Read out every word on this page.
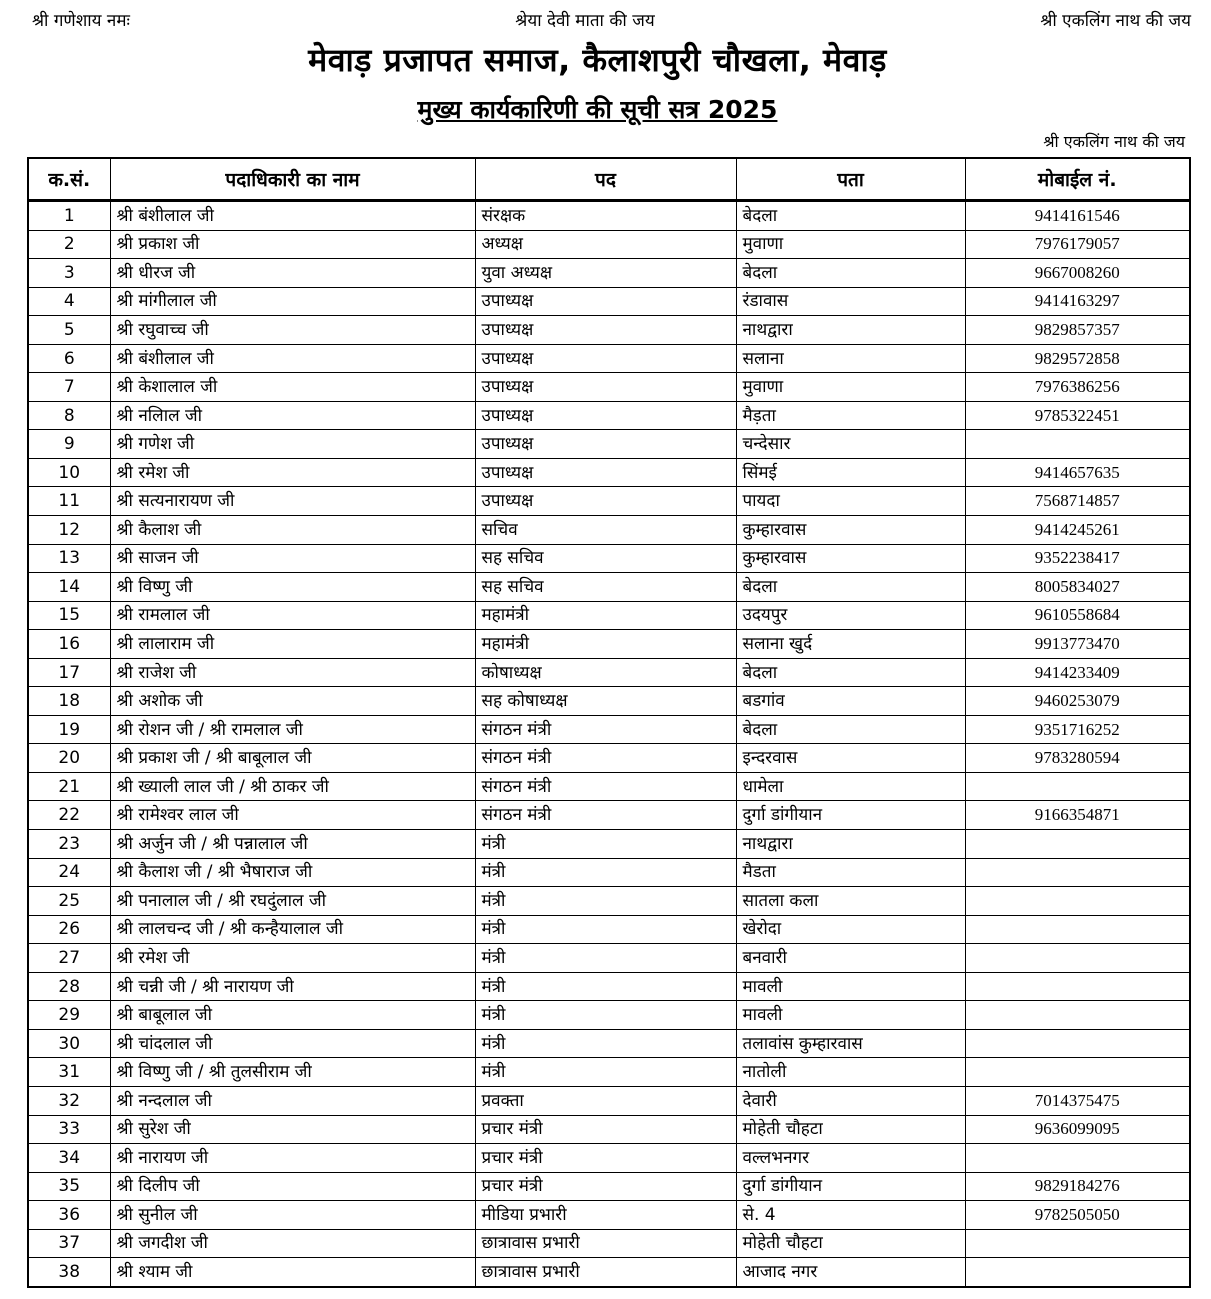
श्री गणेशाय नमः	श्रेया देवी माता की जय	श्री एकलिंग नाथ की जय
मेवाड़ प्रजापत समाज, कैलाशपुरी चौखला, मेवाड़
मुख्य कार्यकारिणी की सूची सत्र 2025
श्री एकलिंग नाथ की जय
क.सं.	पदाधिकारी का नाम	पद	पता	मोबाईल नं.
1	श्री बंशीलाल जी	संरक्षक	बेदला	9414161546
2	श्री प्रकाश जी	अध्यक्ष	मुवाणा	7976179057
3	श्री धीरज जी	युवा अध्यक्ष	बेदला	9667008260
4	श्री मांगीलाल जी	उपाध्यक्ष	रंडावास	9414163297
5	श्री रघुवाच्च जी	उपाध्यक्ष	नाथद्वारा	9829857357
6	श्री बंशीलाल जी	उपाध्यक्ष	सलाना	9829572858
7	श्री केशालाल जी	उपाध्यक्ष	मुवाणा	7976386256
8	श्री नलिाल जी	उपाध्यक्ष	मैड़ता	9785322451
9	श्री गणेश जी	उपाध्यक्ष	चन्देसार	
10	श्री रमेश जी	उपाध्यक्ष	सिंमई	9414657635
11	श्री सत्यनारायण जी	उपाध्यक्ष	पायदा	7568714857
12	श्री कैलाश जी	सचिव	कुम्हारवास	9414245261
13	श्री साजन जी	सह सचिव	कुम्हारवास	9352238417
14	श्री विष्णु जी	सह सचिव	बेदला	8005834027
15	श्री रामलाल जी	महामंत्री	उदयपुर	9610558684
16	श्री लालाराम जी	महामंत्री	सलाना खुर्द	9913773470
17	श्री राजेश जी	कोषाध्यक्ष	बेदला	9414233409
18	श्री अशोक जी	सह कोषाध्यक्ष	बडगांव	9460253079
19	श्री रोशन जी / श्री रामलाल जी	संगठन मंत्री	बेदला	9351716252
20	श्री प्रकाश जी / श्री बाबूलाल जी	संगठन मंत्री	इन्दरवास	9783280594
21	श्री ख्याली लाल जी / श्री ठाकर जी	संगठन मंत्री	धामेला	
22	श्री रामेश्वर लाल जी	संगठन मंत्री	दुर्गा डांगीयान	9166354871
23	श्री अर्जुन जी / श्री पन्नालाल जी	मंत्री	नाथद्वारा	
24	श्री कैलाश जी / श्री भैषाराज जी	मंत्री	मैडता	
25	श्री पनालाल जी / श्री रघदुंलाल जी	मंत्री	सातला कला	
26	श्री लालचन्द जी / श्री कन्हैयालाल जी	मंत्री	खेरोदा	
27	श्री रमेश जी	मंत्री	बनवारी	
28	श्री चन्नी जी / श्री नारायण जी	मंत्री	मावली	
29	श्री बाबूलाल जी	मंत्री	मावली	
30	श्री चांदलाल जी	मंत्री	तलावांस कुम्हारवास	
31	श्री विष्णु जी / श्री तुलसीराम जी	मंत्री	नातोली	
32	श्री नन्दलाल जी	प्रवक्ता	देवारी	7014375475
33	श्री सुरेश जी	प्रचार मंत्री	मोहेती चौहटा	9636099095
34	श्री नारायण जी	प्रचार मंत्री	वल्लभनगर	
35	श्री दिलीप जी	प्रचार मंत्री	दुर्गा डांगीयान	9829184276
36	श्री सुनील जी	मीडिया प्रभारी	से. 4	9782505050
37	श्री जगदीश जी	छात्रावास प्रभारी	मोहेती चौहटा	
38	श्री श्याम जी	छात्रावास प्रभारी	आजाद नगर	
